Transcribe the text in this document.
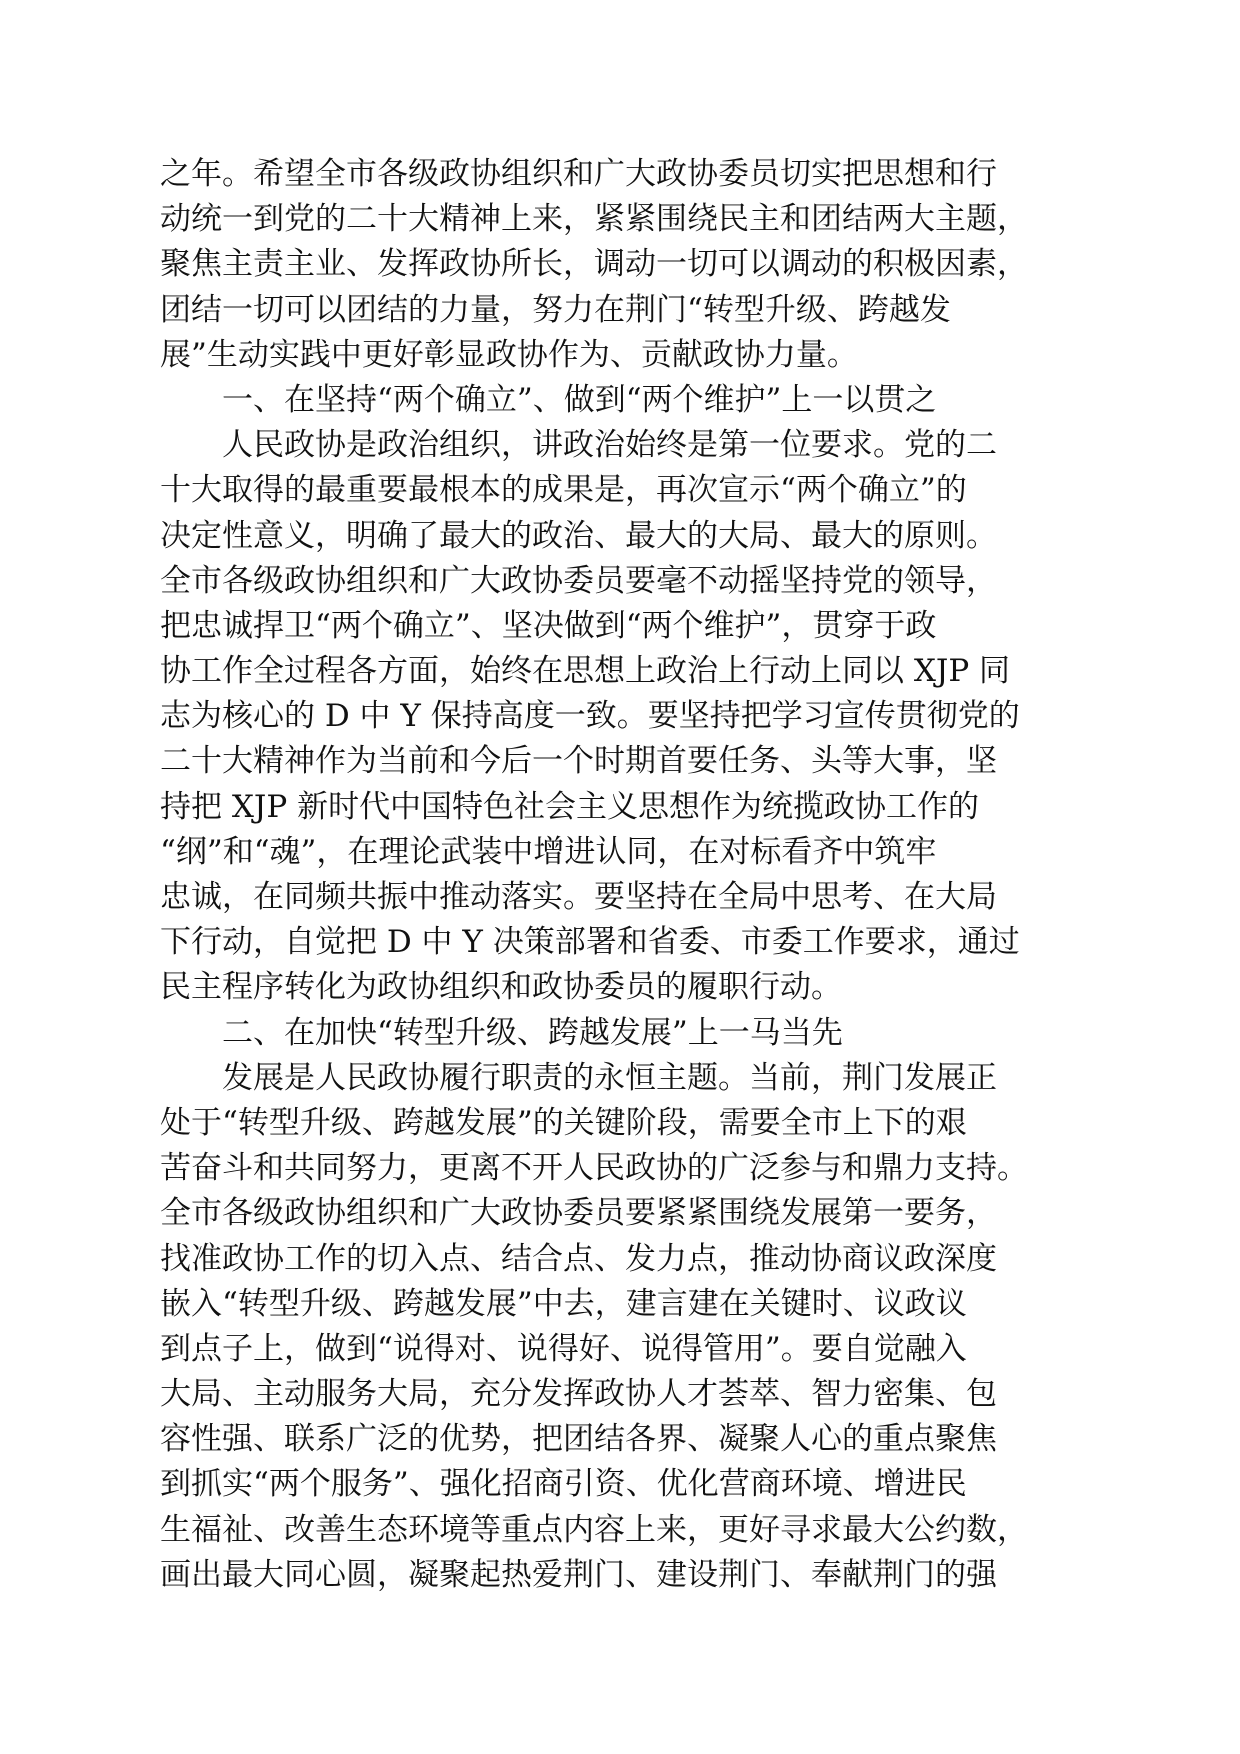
之年。希望全市各级政协组织和广大政协委员切实把思想和行
动统一到党的二十大精神上来，紧紧围绕民主和团结两大主题，
聚焦主责主业、发挥政协所长，调动一切可以调动的积极因素，
团结一切可以团结的力量，努力在荆门“转型升级、跨越发
展”生动实践中更好彰显政协作为、贡献政协力量。
一、在坚持“两个确立”、做到“两个维护”上一以贯之
人民政协是政治组织，讲政治始终是第一位要求。党的二
十大取得的最重要最根本的成果是，再次宣示“两个确立”的
决定性意义，明确了最大的政治、最大的大局、最大的原则。
全市各级政协组织和广大政协委员要毫不动摇坚持党的领导，
把忠诚捍卫“两个确立”、坚决做到“两个维护”，贯穿于政
协工作全过程各方面，始终在思想上政治上行动上同以 XJP 同
志为核心的 D 中 Y 保持高度一致。要坚持把学习宣传贯彻党的
二十大精神作为当前和今后一个时期首要任务、头等大事，坚
持把 XJP 新时代中国特色社会主义思想作为统揽政协工作的
“纲”和“魂”，在理论武装中增进认同，在对标看齐中筑牢
忠诚，在同频共振中推动落实。要坚持在全局中思考、在大局
下行动，自觉把 D 中 Y 决策部署和省委、市委工作要求，通过
民主程序转化为政协组织和政协委员的履职行动。
二、在加快“转型升级、跨越发展”上一马当先
发展是人民政协履行职责的永恒主题。当前，荆门发展正
处于“转型升级、跨越发展”的关键阶段，需要全市上下的艰
苦奋斗和共同努力，更离不开人民政协的广泛参与和鼎力支持。
全市各级政协组织和广大政协委员要紧紧围绕发展第一要务，
找准政协工作的切入点、结合点、发力点，推动协商议政深度
嵌入“转型升级、跨越发展”中去，建言建在关键时、议政议
到点子上，做到“说得对、说得好、说得管用”。要自觉融入
大局、主动服务大局，充分发挥政协人才荟萃、智力密集、包
容性强、联系广泛的优势，把团结各界、凝聚人心的重点聚焦
到抓实“两个服务”、强化招商引资、优化营商环境、增进民
生福祉、改善生态环境等重点内容上来，更好寻求最大公约数，
画出最大同心圆，凝聚起热爱荆门、建设荆门、奉献荆门的强
